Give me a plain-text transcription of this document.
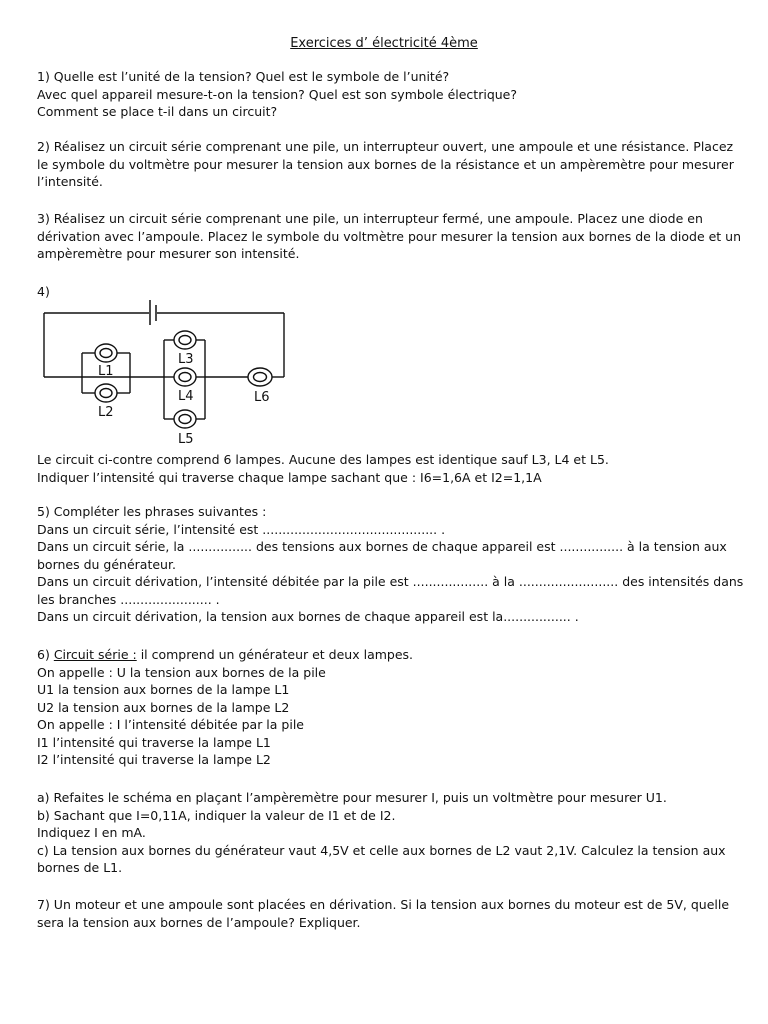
Exercices d’ électricité 4ème
1) Quelle est l’unité de la tension? Quel est le symbole de l’unité?
Avec quel appareil mesure-t-on la tension? Quel est son symbole électrique?
Comment se place t-il dans un circuit?
2) Réalisez un circuit série comprenant une pile, un interrupteur ouvert, une ampoule et une résistance. Placez
le symbole du voltmètre pour mesurer la tension aux bornes de la résistance et un ampèremètre pour mesurer
l’intensité.
3) Réalisez un circuit série comprenant une pile, un interrupteur fermé, une ampoule. Placez une diode en
dérivation avec l’ampoule. Placez le symbole du voltmètre pour mesurer la tension aux bornes de la diode et un
ampèremètre pour mesurer son intensité.
4)
L1
L2
L3
L4
L5
L6
Le circuit ci-contre comprend 6 lampes. Aucune des lampes est identique sauf L3, L4 et L5.
Indiquer l’intensité qui traverse chaque lampe sachant que : I6=1,6A et I2=1,1A
5) Compléter les phrases suivantes :
Dans un circuit série, l’intensité est ............................................ .
Dans un circuit série, la ................ des tensions aux bornes de chaque appareil est ................ à la tension aux
bornes du générateur.
Dans un circuit dérivation, l’intensité débitée par la pile est ................... à la ......................... des intensités dans
les branches ....................... .
Dans un circuit dérivation, la tension aux bornes de chaque appareil est la................. .
6) Circuit série : il comprend un générateur et deux lampes.
On appelle : U la tension aux bornes de la pile
U1 la tension aux bornes de la lampe L1
U2 la tension aux bornes de la lampe L2
On appelle : I l’intensité débitée par la pile
I1 l’intensité qui traverse la lampe L1
I2 l’intensité qui traverse la lampe L2
a) Refaites le schéma en plaçant l’ampèremètre pour mesurer I, puis un voltmètre pour mesurer U1.
b) Sachant que I=0,11A, indiquer la valeur de I1 et de I2.
Indiquez I en mA.
c) La tension aux bornes du générateur vaut 4,5V et celle aux bornes de L2 vaut 2,1V. Calculez la tension aux
bornes de L1.
7) Un moteur et une ampoule sont placées en dérivation. Si la tension aux bornes du moteur est de 5V, quelle
sera la tension aux bornes de l’ampoule? Expliquer.
